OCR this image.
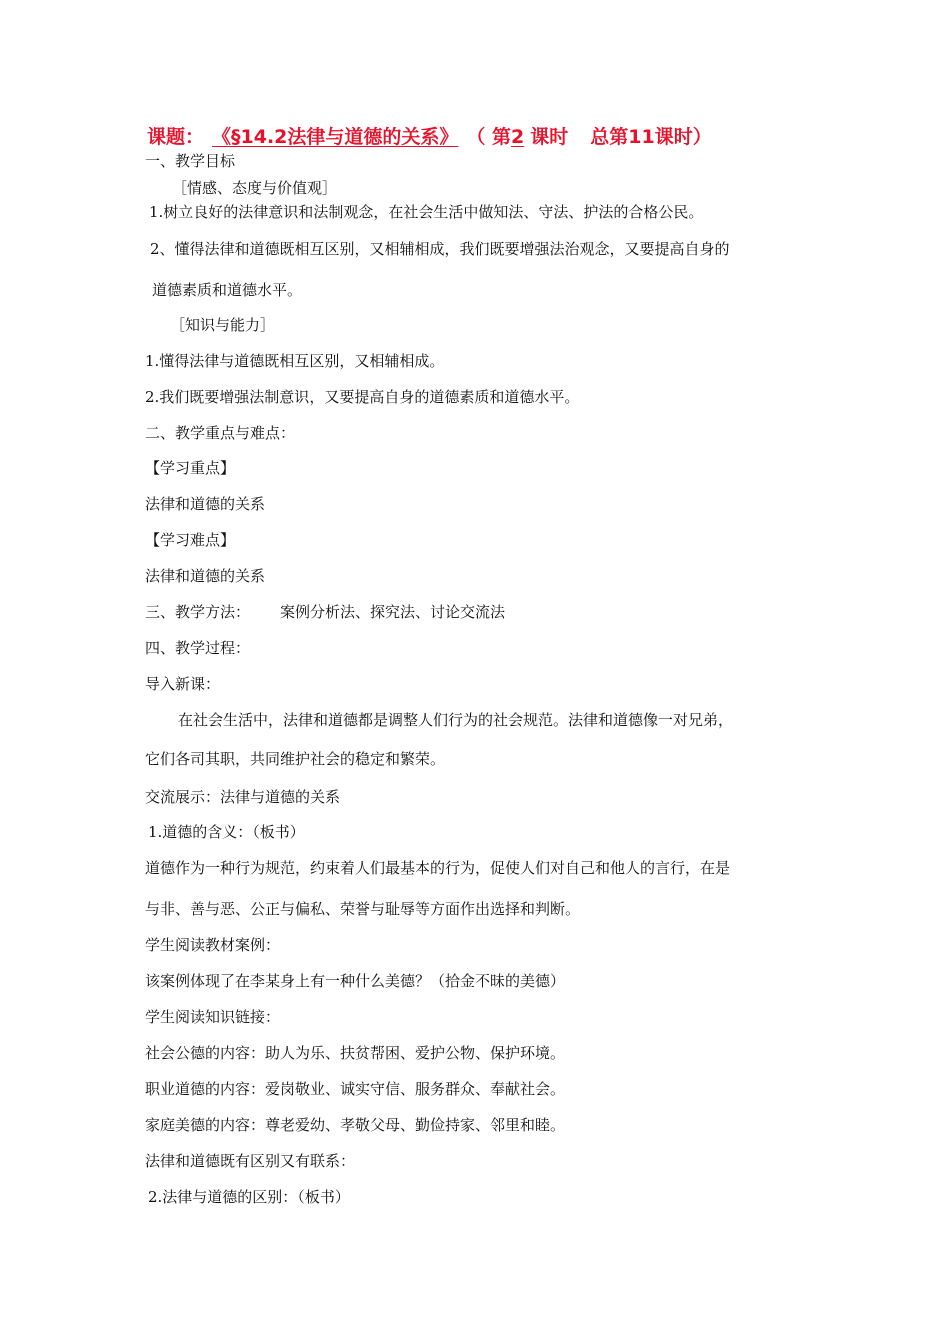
课题： 《§14.2法律与道德的关系》 （ 第2 课时 总第11课时）
一、教学目标
［情感、态度与价值观］
1.树立良好的法律意识和法制观念，在社会生活中做知法、守法、护法的合格公民。
2、懂得法律和道德既相互区别，又相辅相成，我们既要增强法治观念，又要提高自身的
道德素质和道德水平。
［知识与能力］
1.懂得法律与道德既相互区别，又相辅相成。
2.我们既要增强法制意识，又要提高自身的道德素质和道德水平。
二、教学重点与难点：
【学习重点】
法律和道德的关系
【学习难点】
法律和道德的关系
三、教学方法： 案例分析法、探究法、讨论交流法
四、教学过程：
导入新课：
在社会生活中，法律和道德都是调整人们行为的社会规范。法律和道德像一对兄弟，
它们各司其职，共同维护社会的稳定和繁荣。
交流展示：法律与道德的关系
1.道德的含义：（板书）
道德作为一种行为规范，约束着人们最基本的行为，促使人们对自己和他人的言行，在是
与非、善与恶、公正与偏私、荣誉与耻辱等方面作出选择和判断。
学生阅读教材案例：
该案例体现了在李某身上有一种什么美德？（拾金不昧的美德）
学生阅读知识链接：
社会公德的内容：助人为乐、扶贫帮困、爱护公物、保护环境。
职业道德的内容：爱岗敬业、诚实守信、服务群众、奉献社会。
家庭美德的内容：尊老爱幼、孝敬父母、勤俭持家、邻里和睦。
法律和道德既有区别又有联系：
2.法律与道德的区别：（板书）
